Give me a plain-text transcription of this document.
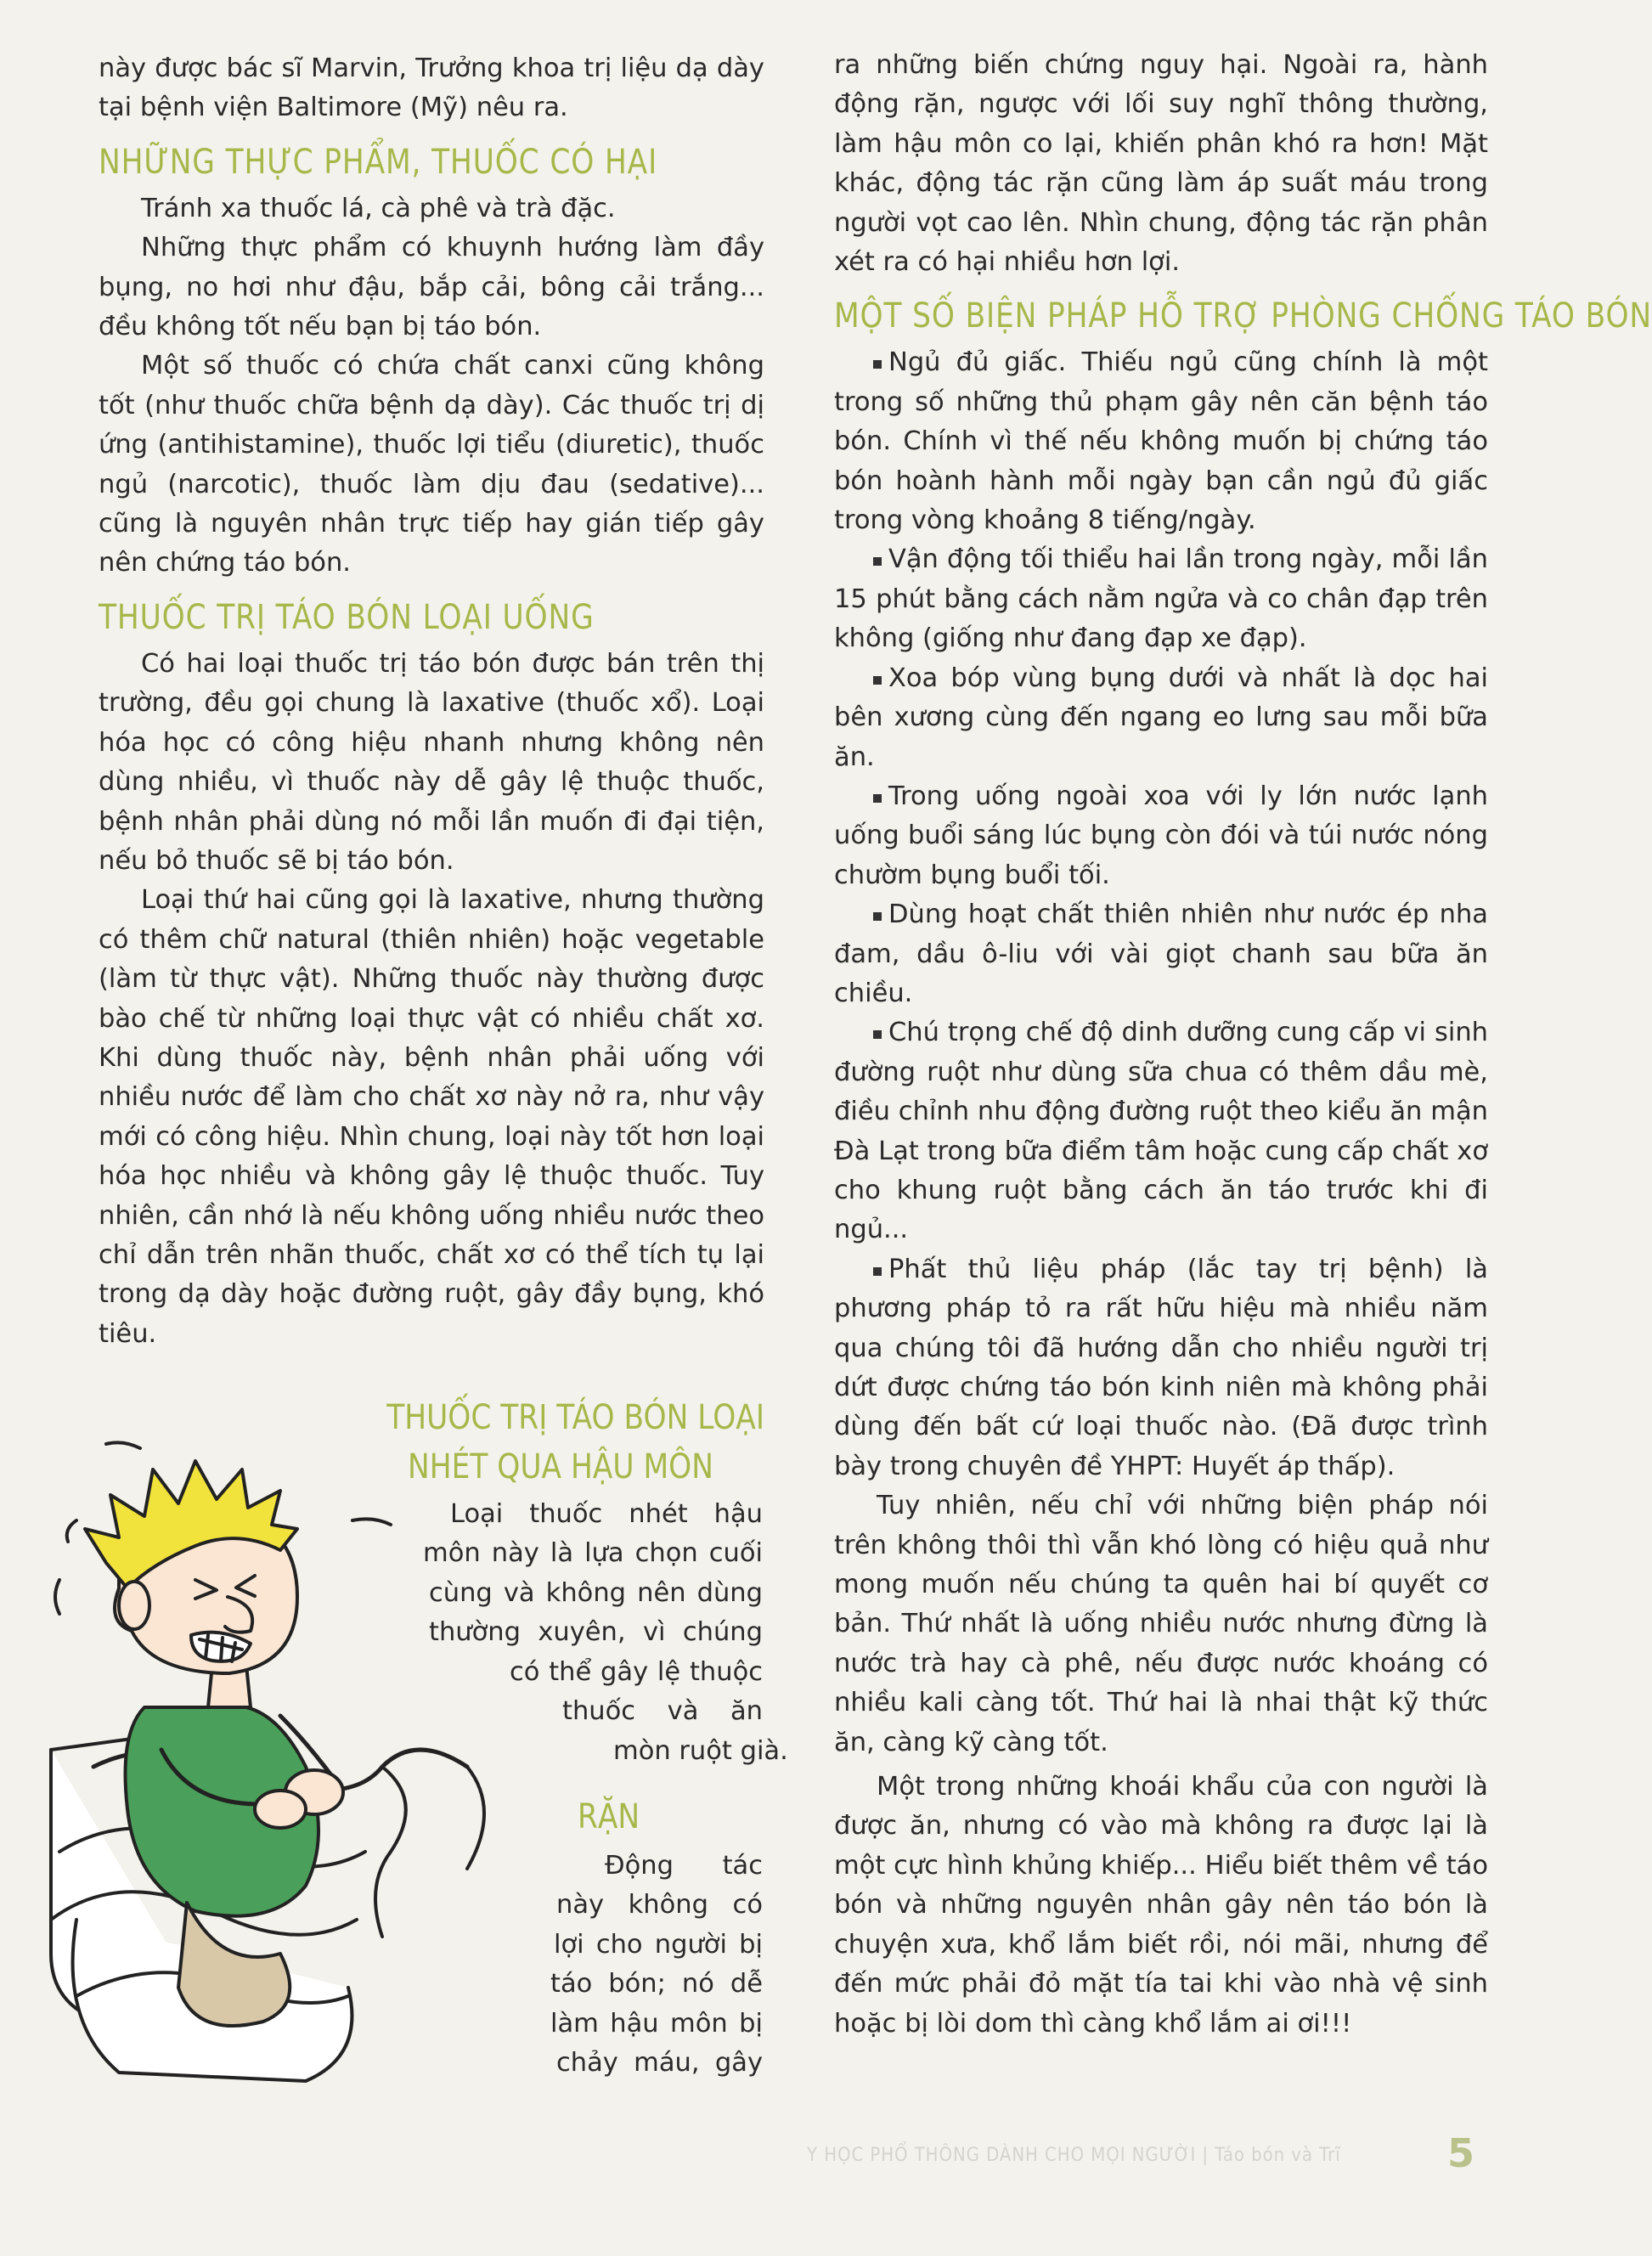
này được bác sĩ Marvin, Trưởng khoa trị liệu dạ dày tại bệnh viện Baltimore (Mỹ) nêu ra.

NHỮNG THỰC PHẨM, THUỐC CÓ HẠI

Tránh xa thuốc lá, cà phê và trà đặc.

Những thực phẩm có khuynh hướng làm đầy bụng, no hơi như đậu, bắp cải, bông cải trắng... đều không tốt nếu bạn bị táo bón.

Một số thuốc có chứa chất canxi cũng không tốt (như thuốc chữa bệnh dạ dày). Các thuốc trị dị ứng (antihistamine), thuốc lợi tiểu (diuretic), thuốc ngủ (narcotic), thuốc làm dịu đau (sedative)... cũng là nguyên nhân trực tiếp hay gián tiếp gây nên chứng táo bón.

THUỐC TRỊ TÁO BÓN LOẠI UỐNG

Có hai loại thuốc trị táo bón được bán trên thị trường, đều gọi chung là laxative (thuốc xổ). Loại hóa học có công hiệu nhanh nhưng không nên dùng nhiều, vì thuốc này dễ gây lệ thuộc thuốc, bệnh nhân phải dùng nó mỗi lần muốn đi đại tiện, nếu bỏ thuốc sẽ bị táo bón.

Loại thứ hai cũng gọi là laxative, nhưng thường có thêm chữ natural (thiên nhiên) hoặc vegetable (làm từ thực vật). Những thuốc này thường được bào chế từ những loại thực vật có nhiều chất xơ. Khi dùng thuốc này, bệnh nhân phải uống với nhiều nước để làm cho chất xơ này nở ra, như vậy mới có công hiệu. Nhìn chung, loại này tốt hơn loại hóa học nhiều và không gây lệ thuộc thuốc. Tuy nhiên, cần nhớ là nếu không uống nhiều nước theo chỉ dẫn trên nhãn thuốc, chất xơ có thể tích tụ lại trong dạ dày hoặc đường ruột, gây đầy bụng, khó tiêu.

THUỐC TRỊ TÁO BÓN LOẠI
NHÉT QUA HẬU MÔN
Loại thuốc nhét hậu
môn này là lựa chọn cuối
cùng và không nên dùng
thường xuyên, vì chúng
có thể gây lệ thuộc
thuốc và ăn
mòn ruột già.
RẶN
Động tác
này không có
lợi cho người bị
táo bón; nó dễ
làm hậu môn bị
chảy máu, gây

ra những biến chứng nguy hại. Ngoài ra, hành động rặn, ngược với lối suy nghĩ thông thường, làm hậu môn co lại, khiến phân khó ra hơn! Mặt khác, động tác rặn cũng làm áp suất máu trong người vọt cao lên. Nhìn chung, động tác rặn phân xét ra có hại nhiều hơn lợi.

MỘT SỐ BIỆN PHÁP HỖ TRỢ PHÒNG CHỐNG TÁO BÓN

Ngủ đủ giấc. Thiếu ngủ cũng chính là một trong số những thủ phạm gây nên căn bệnh táo bón. Chính vì thế nếu không muốn bị chứng táo bón hoành hành mỗi ngày bạn cần ngủ đủ giấc trong vòng khoảng 8 tiếng/ngày.

Vận động tối thiểu hai lần trong ngày, mỗi lần 15 phút bằng cách nằm ngửa và co chân đạp trên không (giống như đang đạp xe đạp).

Xoa bóp vùng bụng dưới và nhất là dọc hai bên xương cùng đến ngang eo lưng sau mỗi bữa ăn.

Trong uống ngoài xoa với ly lớn nước lạnh uống buổi sáng lúc bụng còn đói và túi nước nóng chườm bụng buổi tối.

Dùng hoạt chất thiên nhiên như nước ép nha đam, dầu ô-liu với vài giọt chanh sau bữa ăn chiều.

Chú trọng chế độ dinh dưỡng cung cấp vi sinh đường ruột như dùng sữa chua có thêm dầu mè, điều chỉnh nhu động đường ruột theo kiểu ăn mận Đà Lạt trong bữa điểm tâm hoặc cung cấp chất xơ cho khung ruột bằng cách ăn táo trước khi đi ngủ...

Phất thủ liệu pháp (lắc tay trị bệnh) là phương pháp tỏ ra rất hữu hiệu mà nhiều năm qua chúng tôi đã hướng dẫn cho nhiều người trị dứt được chứng táo bón kinh niên mà không phải dùng đến bất cứ loại thuốc nào. (Đã được trình bày trong chuyên đề YHPT: Huyết áp thấp).

Tuy nhiên, nếu chỉ với những biện pháp nói trên không thôi thì vẫn khó lòng có hiệu quả như mong muốn nếu chúng ta quên hai bí quyết cơ bản. Thứ nhất là uống nhiều nước nhưng đừng là nước trà hay cà phê, nếu được nước khoáng có nhiều kali càng tốt. Thứ hai là nhai thật kỹ thức ăn, càng kỹ càng tốt.

Một trong những khoái khẩu của con người là được ăn, nhưng có vào mà không ra được lại là một cực hình khủng khiếp... Hiểu biết thêm về táo bón và những nguyên nhân gây nên táo bón là chuyện xưa, khổ lắm biết rồi, nói mãi, nhưng để đến mức phải đỏ mặt tía tai khi vào nhà vệ sinh hoặc bị lòi dom thì càng khổ lắm ai ơi!!!

Y HỌC PHỔ THÔNG DÀNH CHO MỌI NGƯỜI | Táo bón và Trĩ	5
